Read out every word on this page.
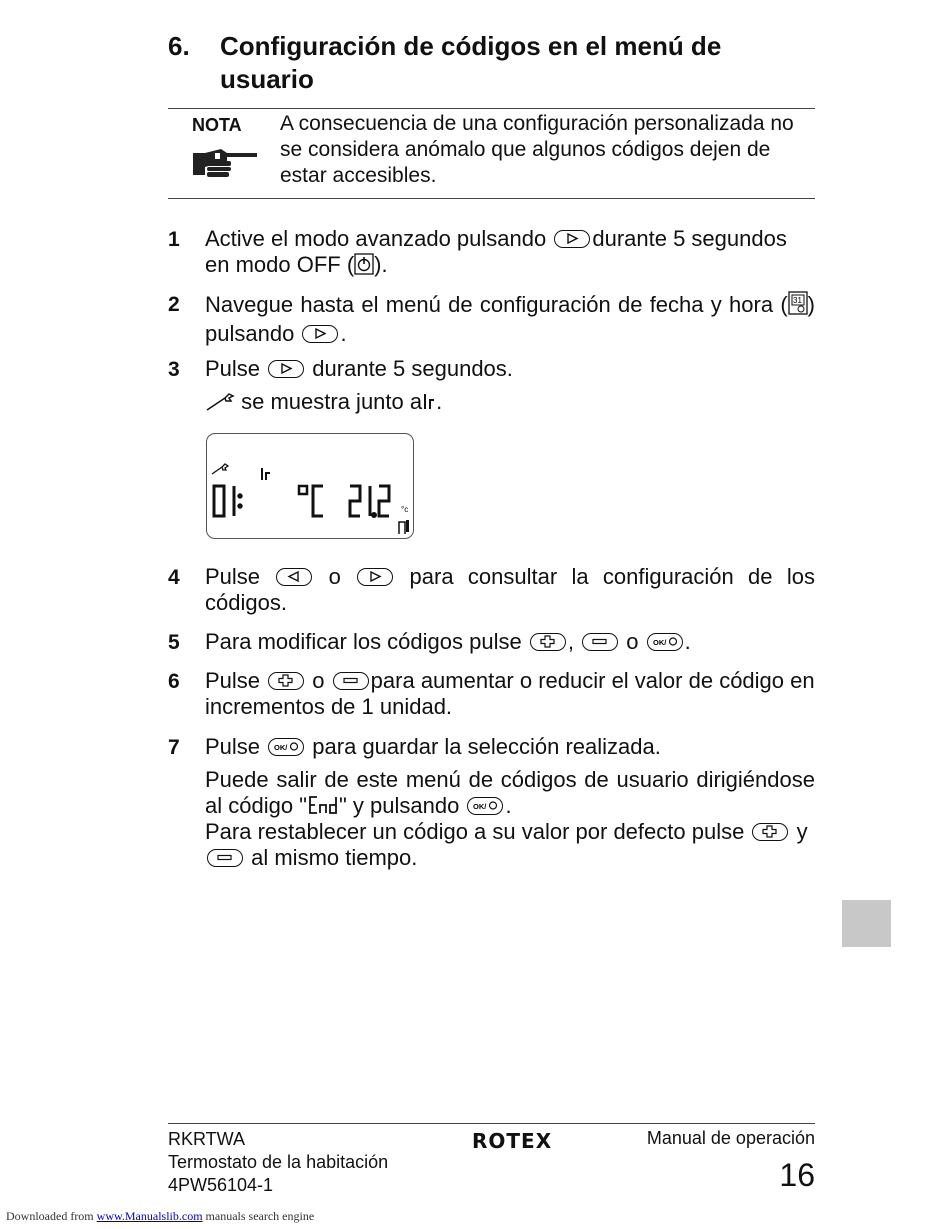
6. Configuración de códigos en el menú de usuario
NOTA A consecuencia de una configuración personalizada no se considera anómalo que algunos códigos dejen de estar accesibles.
1 Active el modo avanzado pulsando durante 5 segundos en modo OFF ( ).
2 Navegue hasta el menú de configuración de fecha y hora ( 31 ) pulsando .
3 Pulse durante 5 segundos.
se muestra junto a .
°c
4 Pulse	o	para consultar la configuración de los códigos.
5 Para modificar los códigos pulse , o OK/ .
6 Pulse o para aumentar o reducir el valor de código en incrementos de 1 unidad.
7 Pulse OK/ para guardar la selección realizada.
Puede salir de este menú de códigos de usuario dirigiéndose al código " " y pulsando OK/ .
Para restablecer un código a su valor por defecto pulse y
al mismo tiempo.
RKRTWA
Termostato de la habitación
4PW56104-1
ROTEX	Manual de operación
16
Downloaded from www.Manualslib.com manuals search engine
